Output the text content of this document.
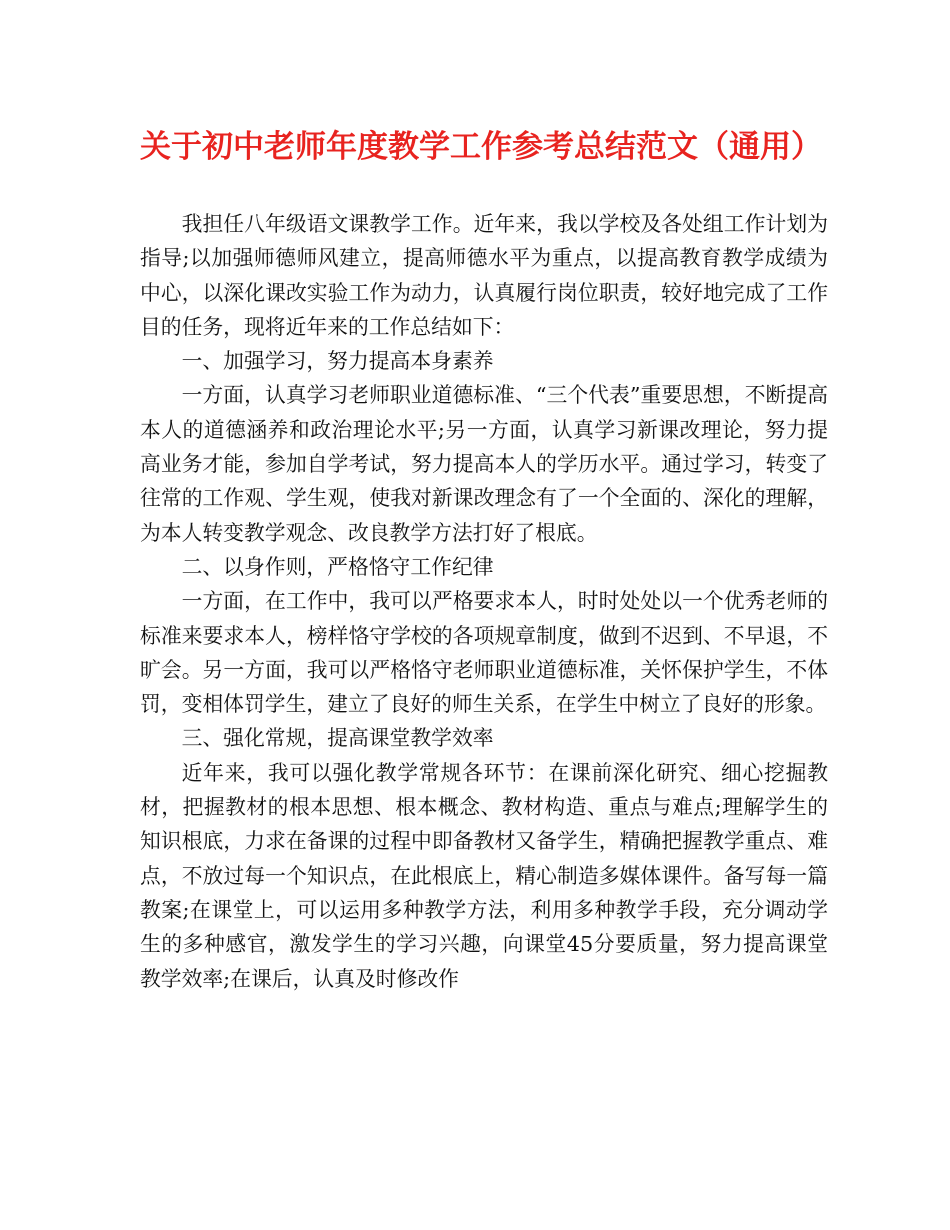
关于初中老师年度教学工作参考总结范文（通用）

我担任八年级语文课教学工作。近年来，我以学校及各处组工作计划为指导;以加强师德师风建立，提高师德水平为重点，以提高教育教学成绩为中心，以深化课改实验工作为动力，认真履行岗位职责，较好地完成了工作目的任务，现将近年来的工作总结如下：

一、加强学习，努力提高本身素养

一方面，认真学习老师职业道德标准、“三个代表”重要思想，不断提高本人的道德涵养和政治理论水平;另一方面，认真学习新课改理论，努力提高业务才能，参加自学考试，努力提高本人的学历水平。通过学习，转变了往常的工作观、学生观，使我对新课改理念有了一个全面的、深化的理解，为本人转变教学观念、改良教学方法打好了根底。

二、以身作则，严格恪守工作纪律

一方面，在工作中，我可以严格要求本人，时时处处以一个优秀老师的标准来要求本人，榜样恪守学校的各项规章制度，做到不迟到、不早退，不旷会。另一方面，我可以严格恪守老师职业道德标准，关怀保护学生，不体罚，变相体罚学生，建立了良好的师生关系，在学生中树立了良好的形象。

三、强化常规，提高课堂教学效率

近年来，我可以强化教学常规各环节：在课前深化研究、细心挖掘教材，把握教材的根本思想、根本概念、教材构造、重点与难点;理解学生的知识根底，力求在备课的过程中即备教材又备学生，精确把握教学重点、难点，不放过每一个知识点，在此根底上，精心制造多媒体课件。备写每一篇教案;在课堂上，可以运用多种教学方法，利用多种教学手段，充分调动学生的多种感官，激发学生的学习兴趣，向课堂45分要质量，努力提高课堂教学效率;在课后，认真及时修改作
